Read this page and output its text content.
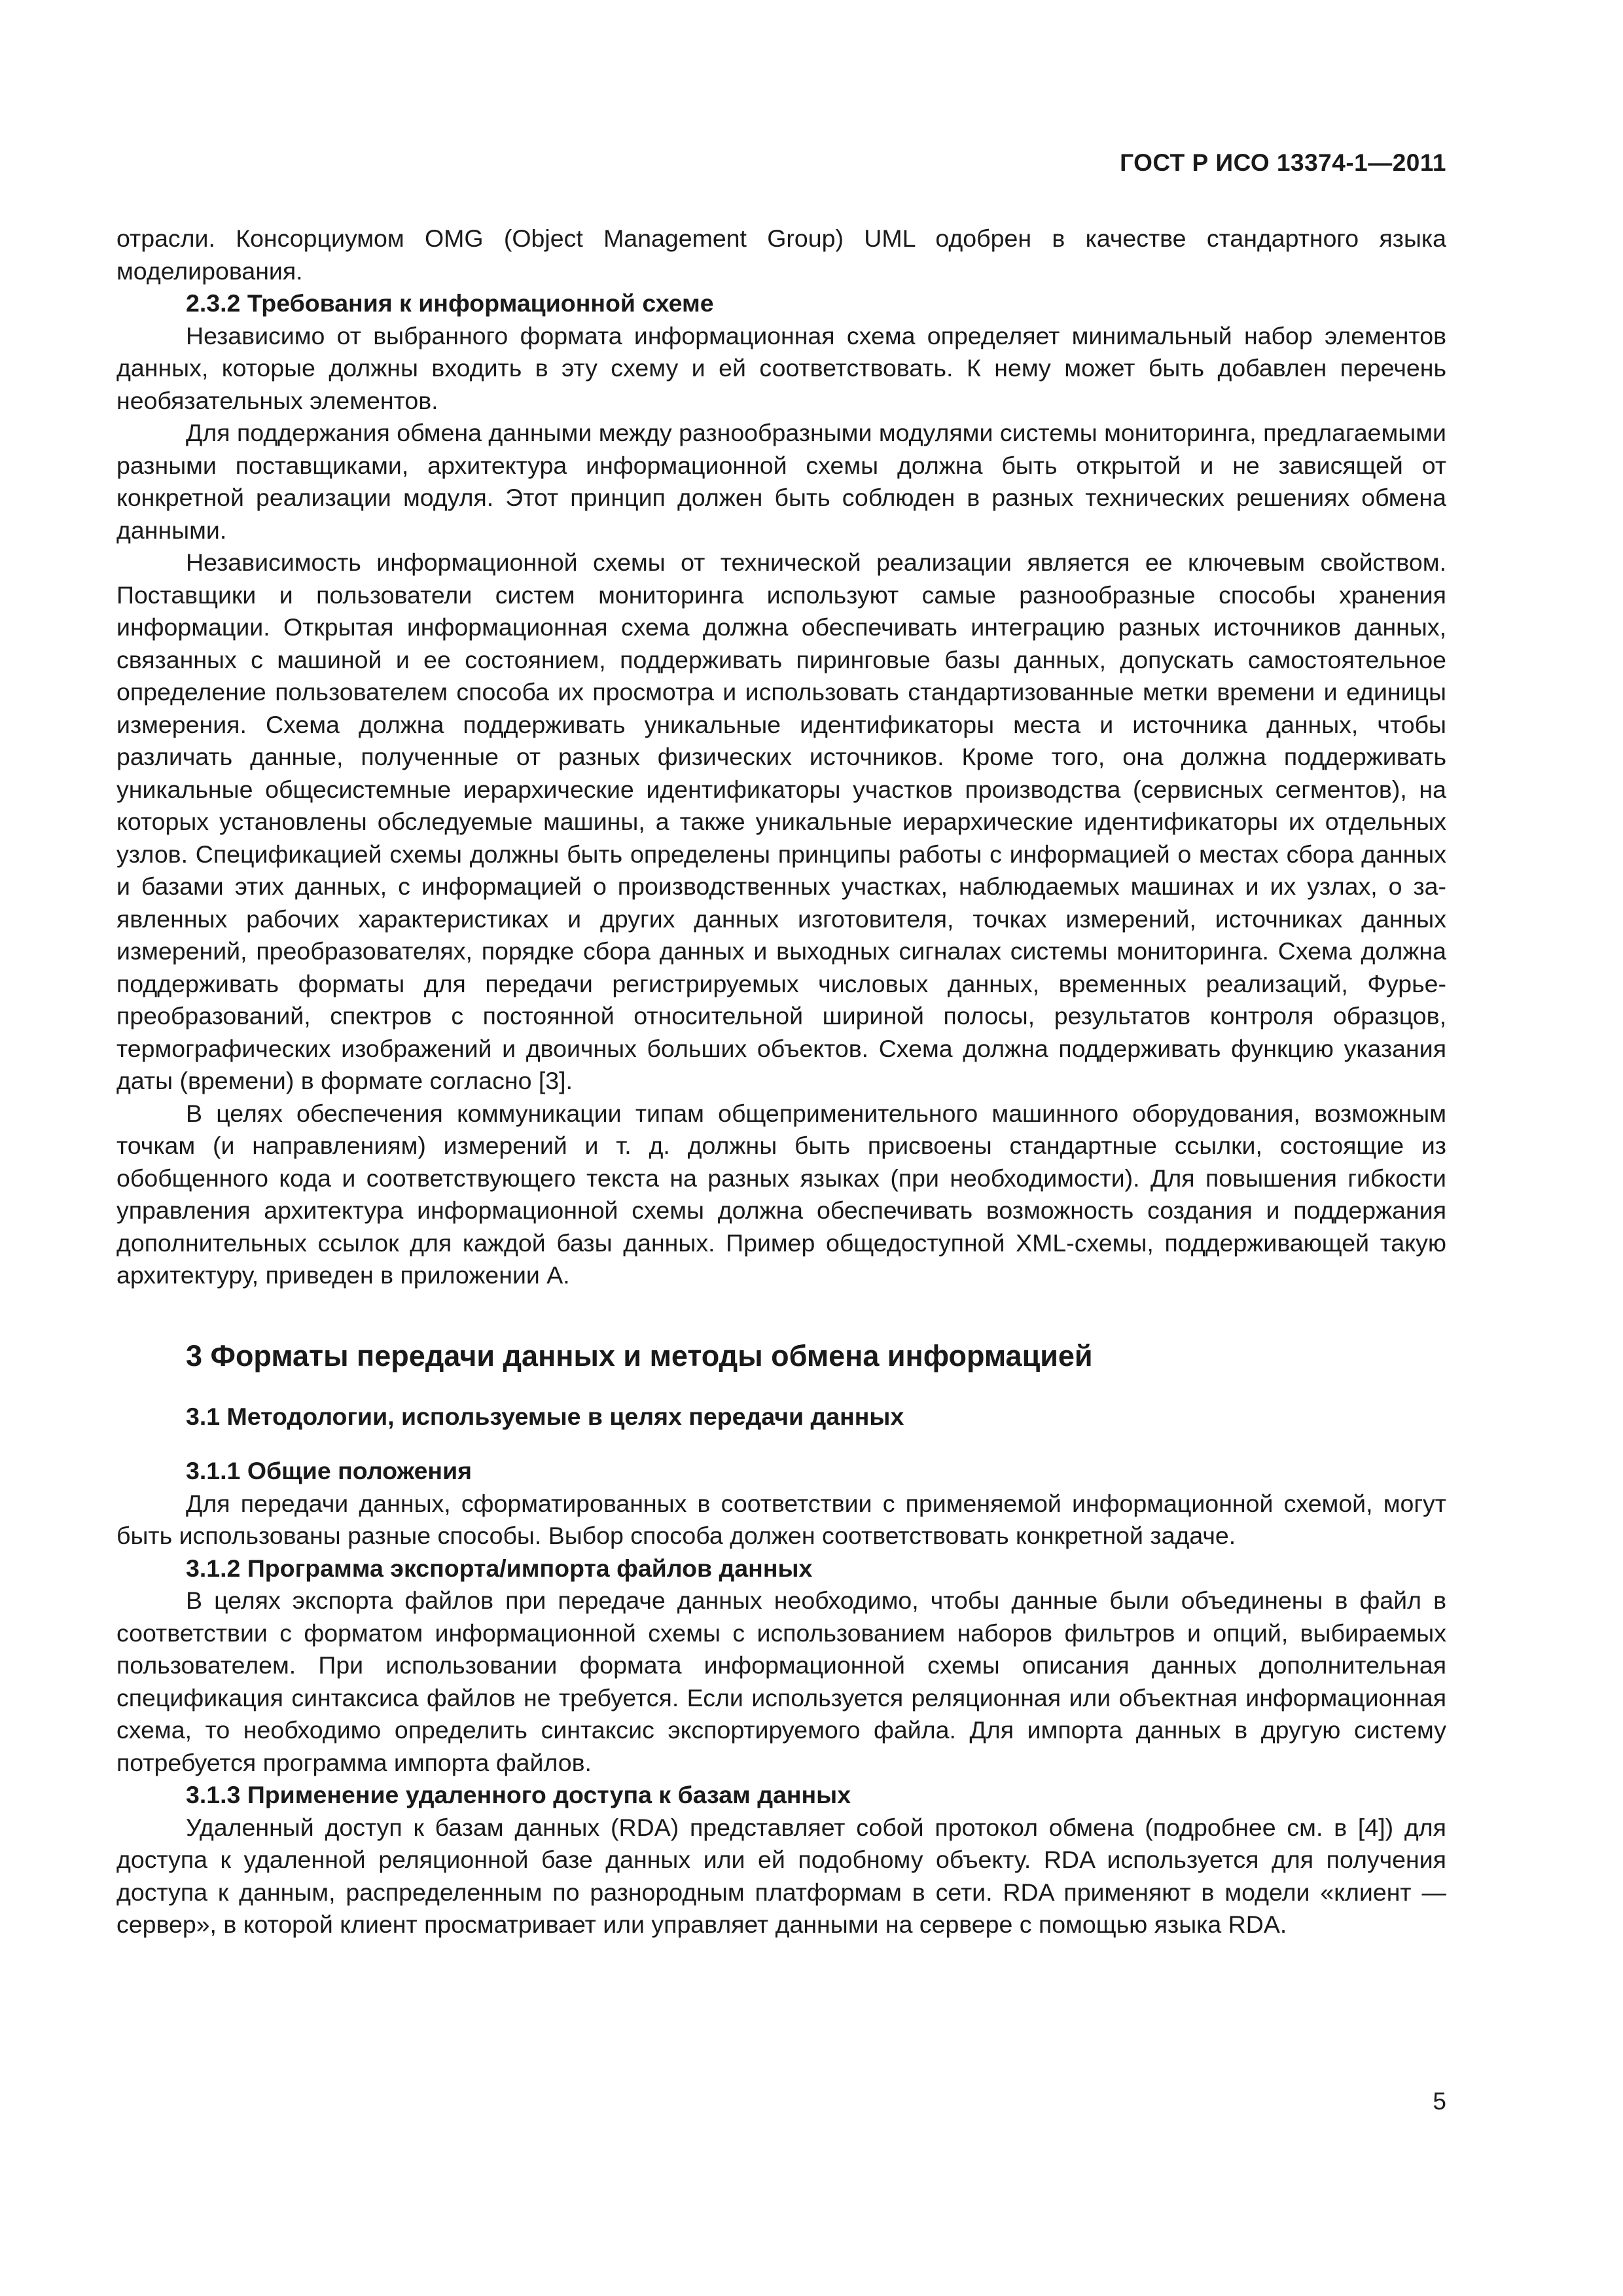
ГОСТ Р ИСО 13374-1—2011

отрасли. Консорциумом OMG (Object Management Group) UML одобрен в качестве стандартного языка моделирования.

2.3.2 Требования к информационной схеме

Независимо от выбранного формата информационная схема определяет минимальный набор элементов данных, которые должны входить в эту схему и ей соответствовать. К нему может быть добавлен перечень необязательных элементов.

Для поддержания обмена данными между разнообразными модулями системы мониторинга, предлагаемыми разными поставщиками, архитектура информационной схемы должна быть открытой и не зависящей от конкретной реализации модуля. Этот принцип должен быть соблюден в разных технических решениях обмена данными.

Независимость информационной схемы от технической реализации является ее ключевым свойством. Поставщики и пользователи систем мониторинга используют самые разнообразные способы хранения информации. Открытая информационная схема должна обеспечивать интеграцию разных источников данных, связанных с машиной и ее состоянием, поддерживать пиринговые базы данных, допускать самостоятельное определение пользователем способа их просмотра и использовать стандартизованные метки времени и единицы измерения. Схема должна поддерживать уникальные идентификаторы места и источника данных, чтобы различать данные, полученные от разных физических источников. Кроме того, она должна поддерживать уникальные общесистемные иерархические идентификаторы участков производства (сервисных сегментов), на которых установлены обследуемые машины, а также уникальные иерархические идентификаторы их отдельных узлов. Спецификацией схемы должны быть определены принципы работы с информацией о местах сбора данных и базами этих данных, с информацией о производственных участках, наблюдаемых машинах и их узлах, о заявленных рабочих характеристиках и других данных изготовителя, точках измерений, источниках данных измерений, преобразователях, порядке сбора данных и выходных сигналах системы мониторинга. Схема должна поддерживать форматы для передачи регистрируемых числовых данных, временных реализаций, Фурье-преобразований, спектров с постоянной относительной шириной полосы, результатов контроля образцов, термографических изображений и двоичных больших объектов. Схема должна поддерживать функцию указания даты (времени) в формате согласно [3].

В целях обеспечения коммуникации типам общеприменительного машинного оборудования, возможным точкам (и направлениям) измерений и т. д. должны быть присвоены стандартные ссылки, состоящие из обобщенного кода и соответствующего текста на разных языках (при необходимости). Для повышения гибкости управления архитектура информационной схемы должна обеспечивать возможность создания и поддержания дополнительных ссылок для каждой базы данных. Пример общедоступной XML-схемы, поддерживающей такую архитектуру, приведен в приложении А.

3 Форматы передачи данных и методы обмена информацией
3.1 Методологии, используемые в целях передачи данных
3.1.1 Общие положения

Для передачи данных, сформатированных в соответствии с применяемой информационной схемой, могут быть использованы разные способы. Выбор способа должен соответствовать конкретной задаче.

3.1.2 Программа экспорта/импорта файлов данных

В целях экспорта файлов при передаче данных необходимо, чтобы данные были объединены в файл в соответствии с форматом информационной схемы с использованием наборов фильтров и опций, выбираемых пользователем. При использовании формата информационной схемы описания данных дополнительная спецификация синтаксиса файлов не требуется. Если используется реляционная или объектная информационная схема, то необходимо определить синтаксис экспортируемого файла. Для импорта данных в другую систему потребуется программа импорта файлов.

3.1.3 Применение удаленного доступа к базам данных

Удаленный доступ к базам данных (RDA) представляет собой протокол обмена (подробнее см. в [4]) для доступа к удаленной реляционной базе данных или ей подобному объекту. RDA используется для получения доступа к данным, распределенным по разнородным платформам в сети. RDA применяют в модели «клиент — сервер», в которой клиент просматривает или управляет данными на сервере с помощью языка RDA.

5
